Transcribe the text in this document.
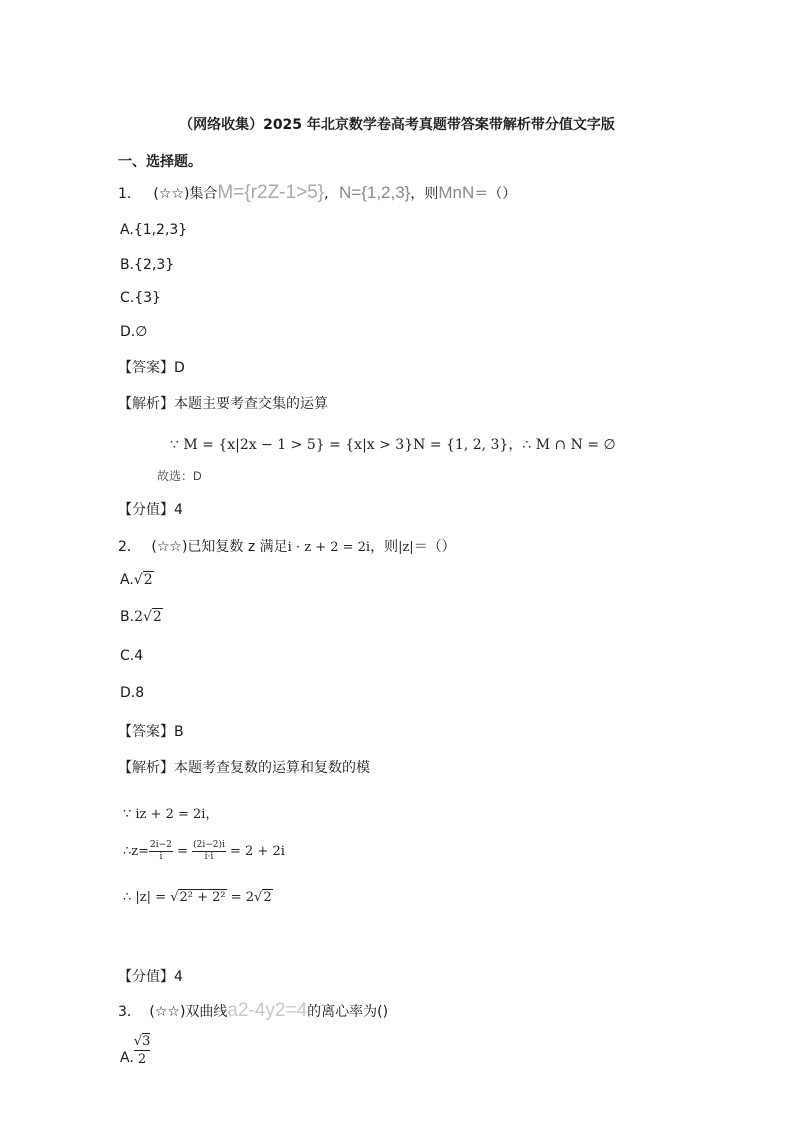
（网络收集）2025 年北京数学卷高考真题带答案带解析带分值文字版
一、选择题。
1． (☆☆)集合M={r2Z-1>5}, N={1,2,3}，则MnN＝（）
A.{1,2,3}
B.{2,3}
C.{3}
D.∅
【答案】D
【解析】本题主要考查交集的运算
∵ M = {x|2x − 1 > 5} = {x|x > 3}N = {1, 2, 3}，∴ M ∩ N = ∅
故选：D
【分值】4
2． (☆☆)已知复数 z 满足i · z + 2 = 2i，则|z|＝（）
A.√2
B.2√2
C.4
D.8
【答案】B
【解析】本题考查复数的运算和复数的模
∵ iz + 2 = 2i，
∴z= $\frac{2i-2}{i} = \frac{(2i-2)i}{i\cdot i} = 2 + 2i$
∴ |z| = √2² + 2² = 2√2
【分值】4
3． (☆☆)双曲线a2-4y2=4的离心率为()
A. $\frac{√3}{2}$
